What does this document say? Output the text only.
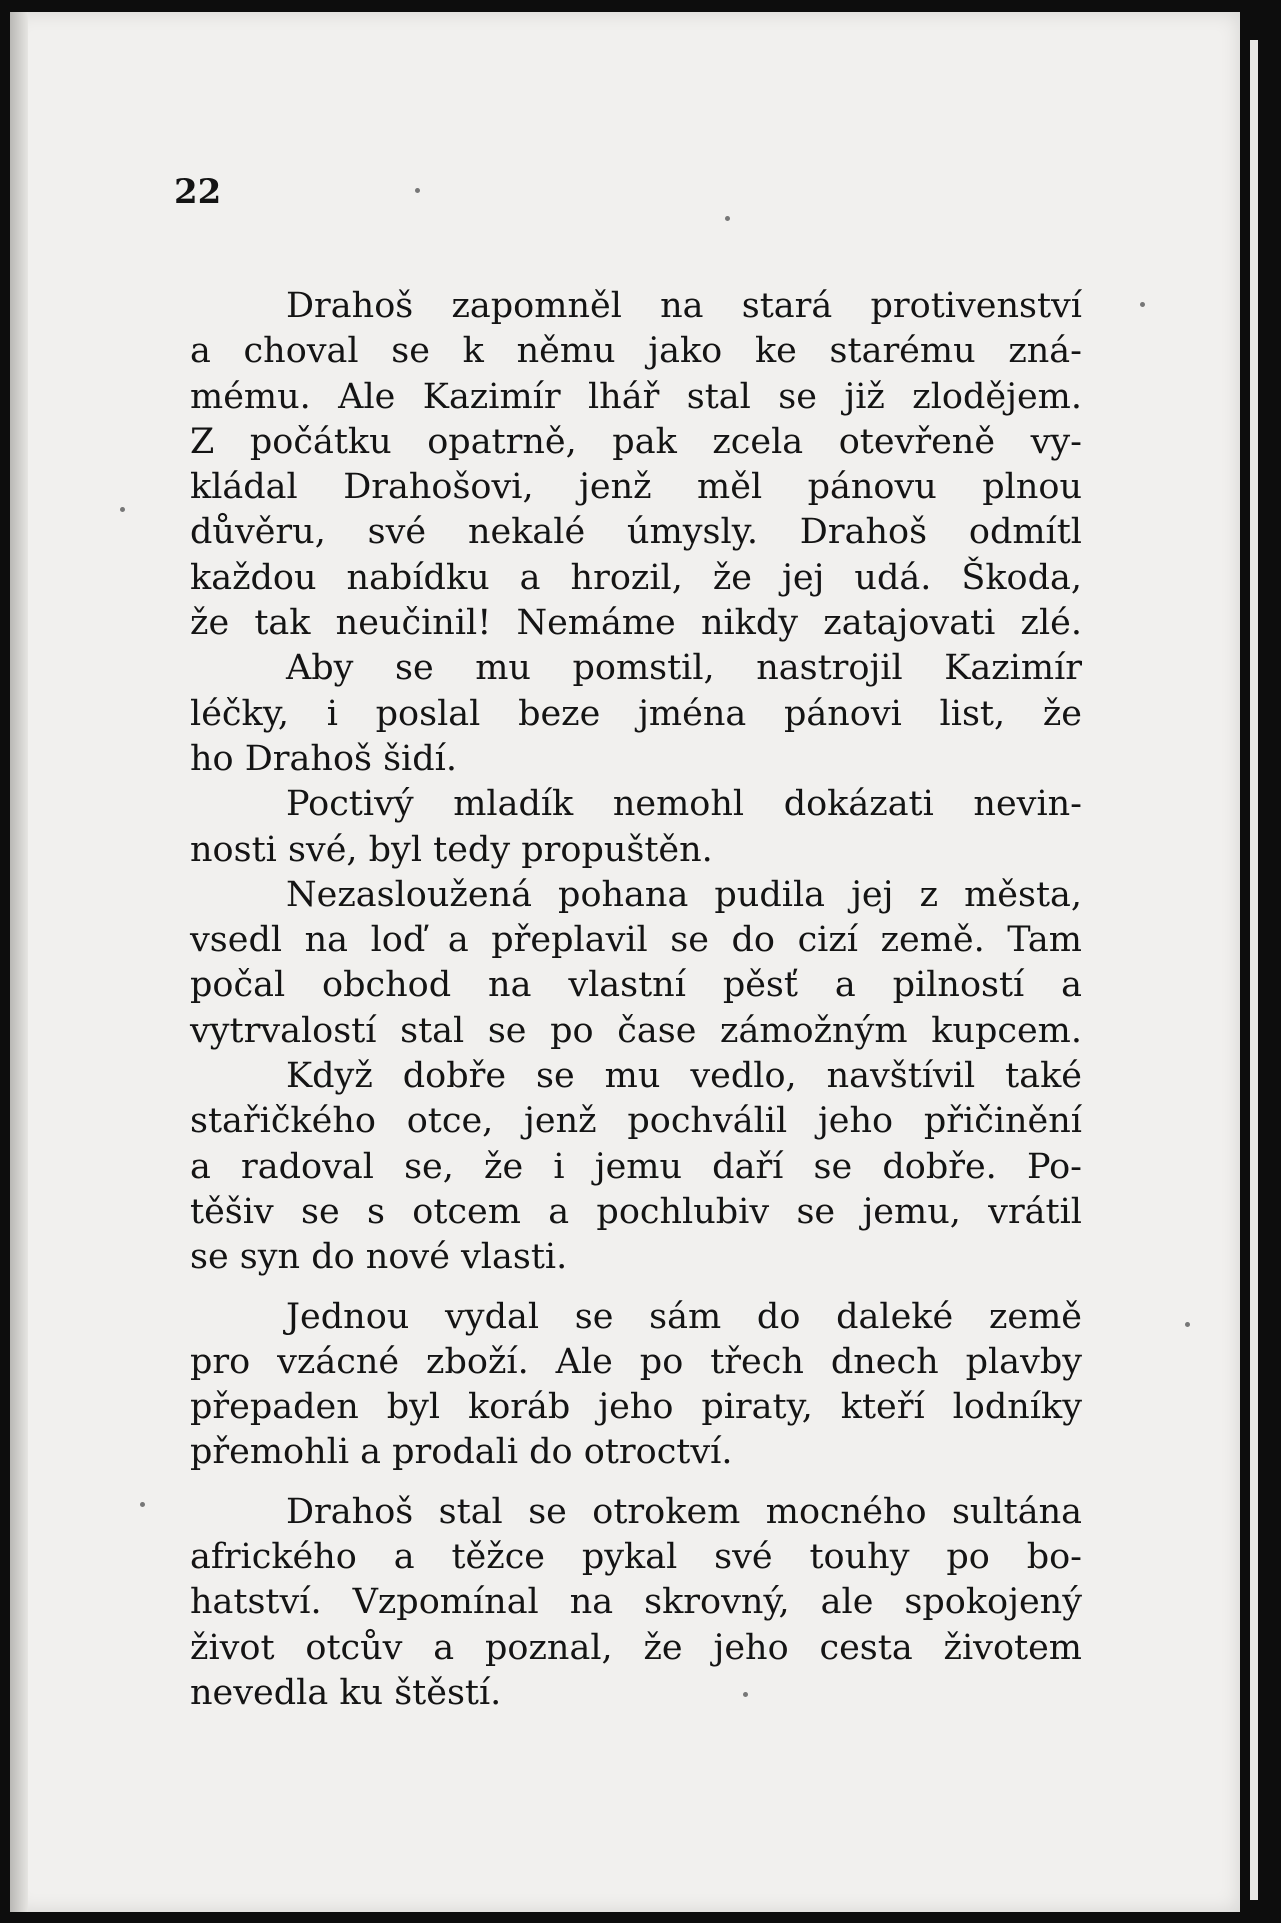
22
Drahoš zapomněl na stará protivenství
a choval se k němu jako ke starému zná-
mému. Ale Kazimír lhář stal se již zlodějem.
Z počátku opatrně, pak zcela otevřeně vy-
kládal Drahošovi, jenž měl pánovu plnou
důvěru, své nekalé úmysly. Drahoš odmítl
každou nabídku a hrozil, že jej udá. Škoda,
že tak neučinil! Nemáme nikdy zatajovati zlé.
Aby se mu pomstil, nastrojil Kazimír
léčky, i poslal beze jména pánovi list, že
ho Drahoš šidí.
Poctivý mladík nemohl dokázati nevin-
nosti své, byl tedy propuštěn.
Nezasloužená pohana pudila jej z města,
vsedl na loď a přeplavil se do cizí země. Tam
počal obchod na vlastní pěsť a pilností a
vytrvalostí stal se po čase zámožným kupcem.
Když dobře se mu vedlo, navštívil také
stařičkého otce, jenž pochválil jeho přičinění
a radoval se, že i jemu daří se dobře. Po-
těšiv se s otcem a pochlubiv se jemu, vrátil
se syn do nové vlasti.
Jednou vydal se sám do daleké země
pro vzácné zboží. Ale po třech dnech plavby
přepaden byl koráb jeho piraty, kteří lodníky
přemohli a prodali do otroctví.
Drahoš stal se otrokem mocného sultána
afrického a těžce pykal své touhy po bo-
hatství. Vzpomínal na skrovný, ale spokojený
život otcův a poznal, že jeho cesta životem
nevedla ku štěstí.
